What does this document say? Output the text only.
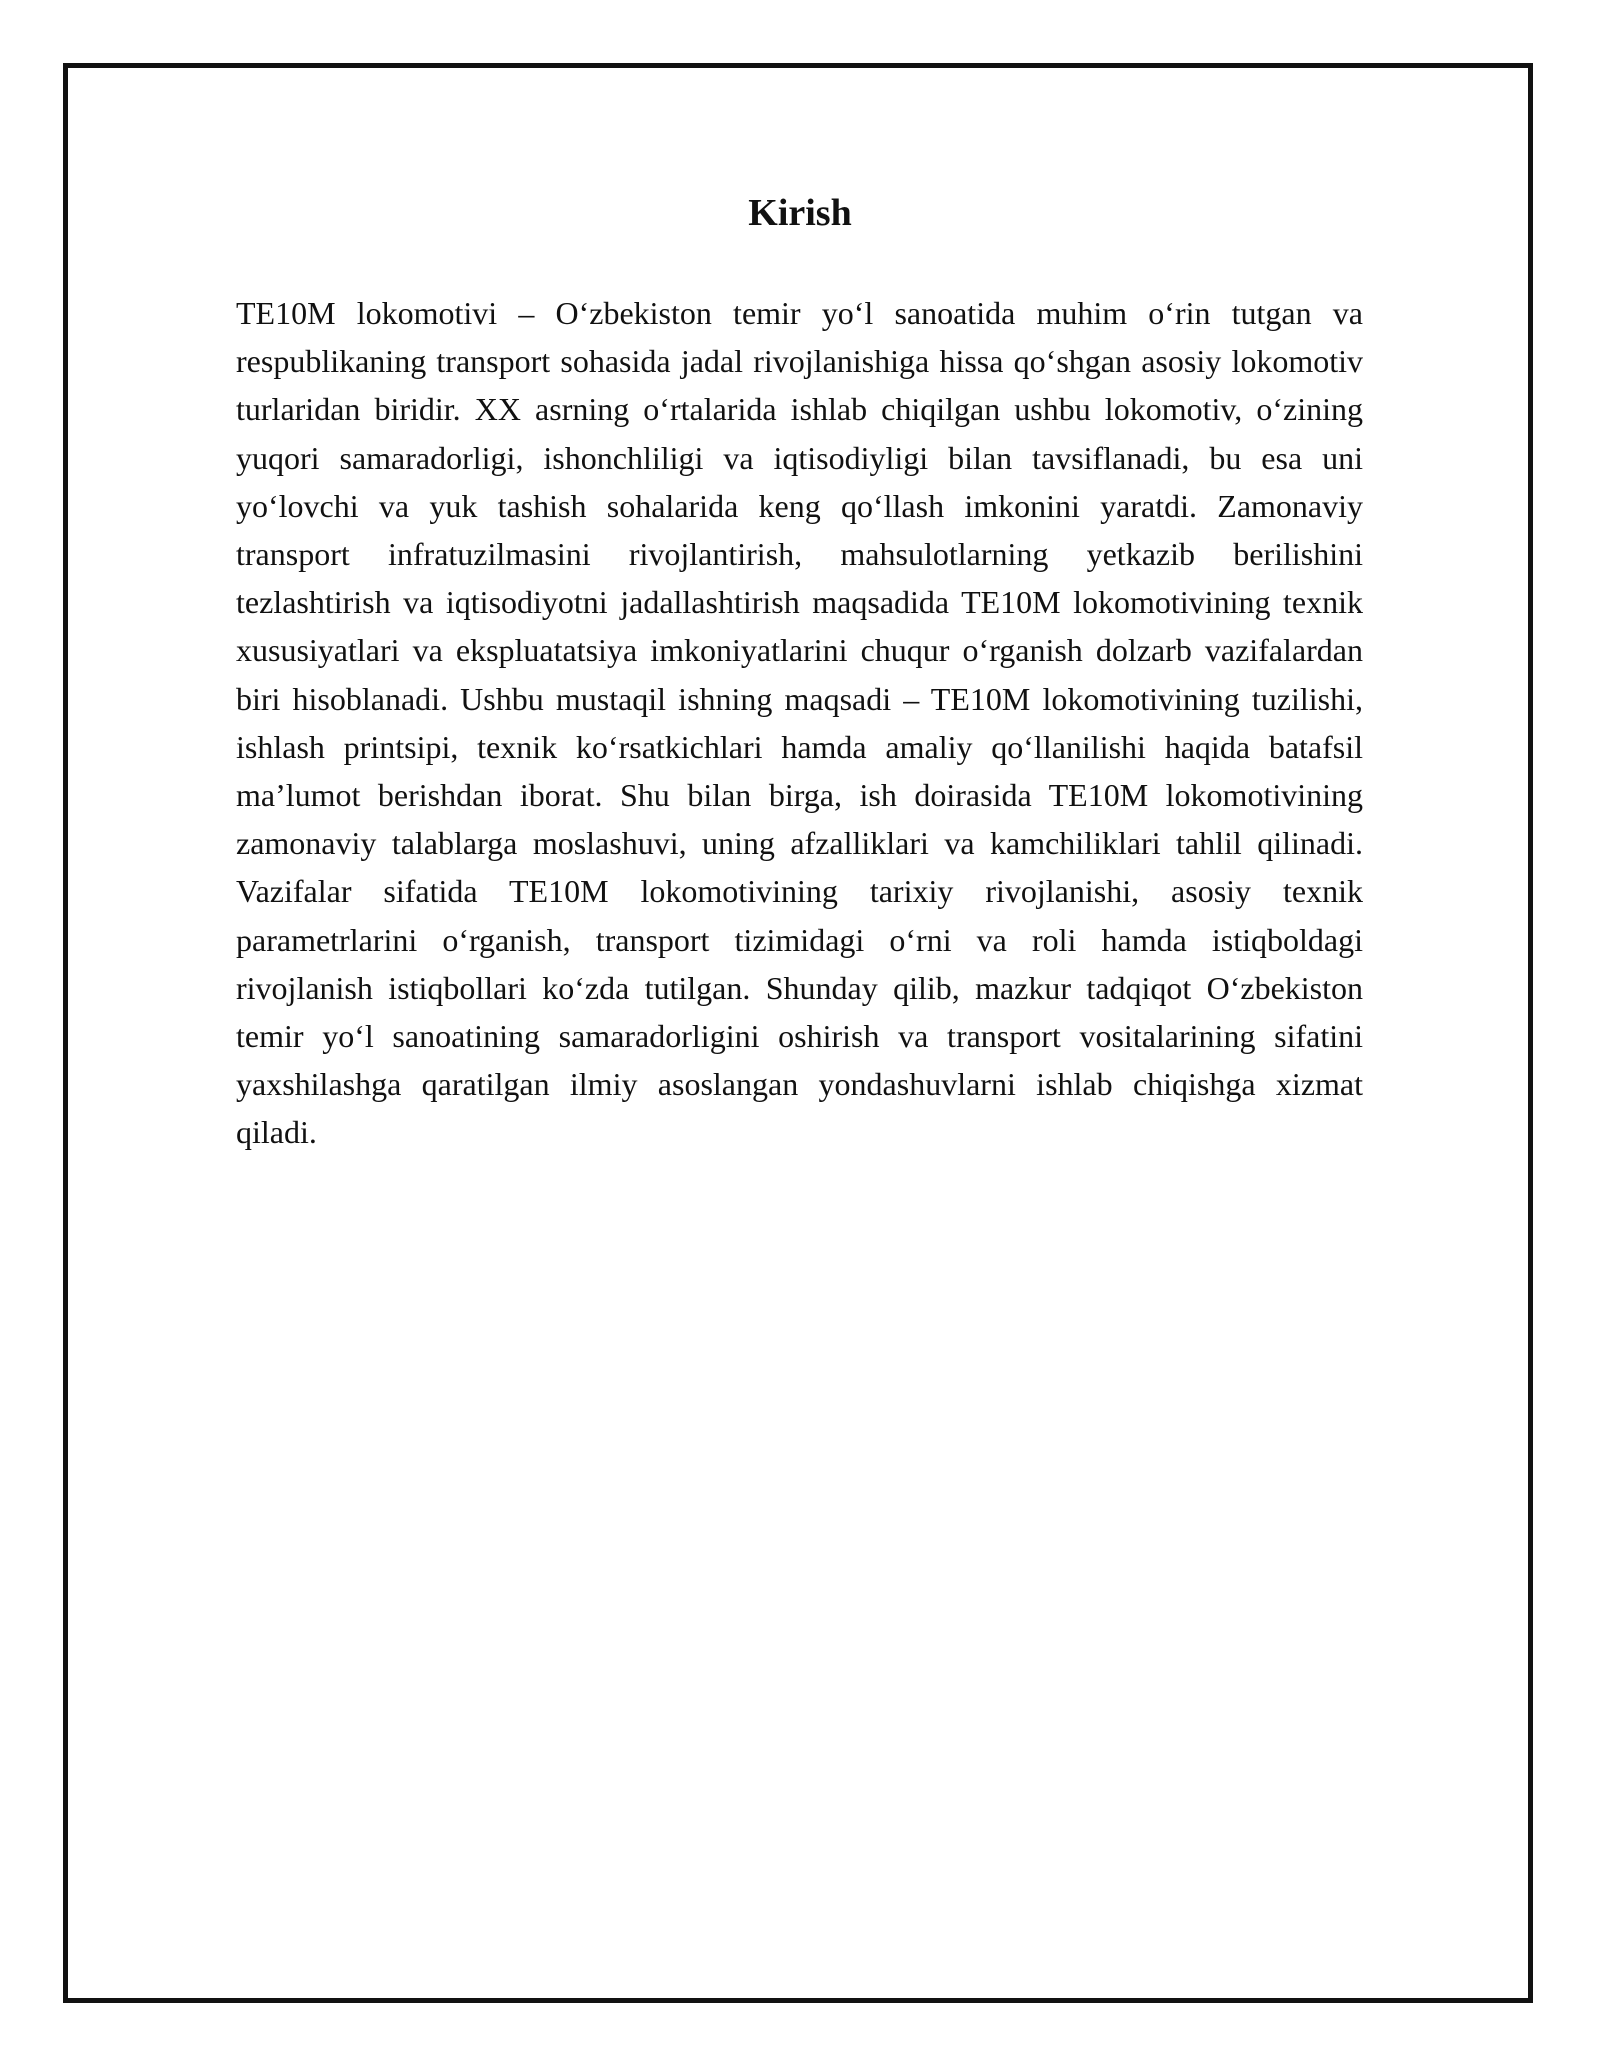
Kirish

TE10M lokomotivi – O‘zbekiston temir yo‘l sanoatida muhim o‘rin tutgan va respublikaning transport sohasida jadal rivojlanishiga hissa qo‘shgan asosiy lokomotiv turlaridan biridir. XX asrning o‘rtalarida ishlab chiqilgan ushbu lokomotiv, o‘zining yuqori samaradorligi, ishonchliligi va iqtisodiyligi bilan tavsiflanadi, bu esa uni yo‘lovchi va yuk tashish sohalarida keng qo‘llash imkonini yaratdi. Zamonaviy transport infratuzilmasini rivojlantirish, mahsulotlarning yetkazib berilishini tezlashtirish va iqtisodiyotni jadallashtirish maqsadida TE10M lokomotivining texnik xususiyatlari va ekspluatatsiya imkoniyatlarini chuqur o‘rganish dolzarb vazifalardan biri hisoblanadi. Ushbu mustaqil ishning maqsadi – TE10M lokomotivining tuzilishi, ishlash printsipi, texnik ko‘rsatkichlari hamda amaliy qo‘llanilishi haqida batafsil ma’lumot berishdan iborat. Shu bilan birga, ish doirasida TE10M lokomotivining zamonaviy talablarga moslashuvi, uning afzalliklari va kamchiliklari tahlil qilinadi. Vazifalar sifatida TE10M lokomotivining tarixiy rivojlanishi, asosiy texnik parametrlarini o‘rganish, transport tizimidagi o‘rni va roli hamda istiqboldagi rivojlanish istiqbollari ko‘zda tutilgan. Shunday qilib, mazkur tadqiqot O‘zbekiston temir yo‘l sanoatining samaradorligini oshirish va transport vositalarining sifatini yaxshilashga qaratilgan ilmiy asoslangan yondashuvlarni ishlab chiqishga xizmat qiladi.
